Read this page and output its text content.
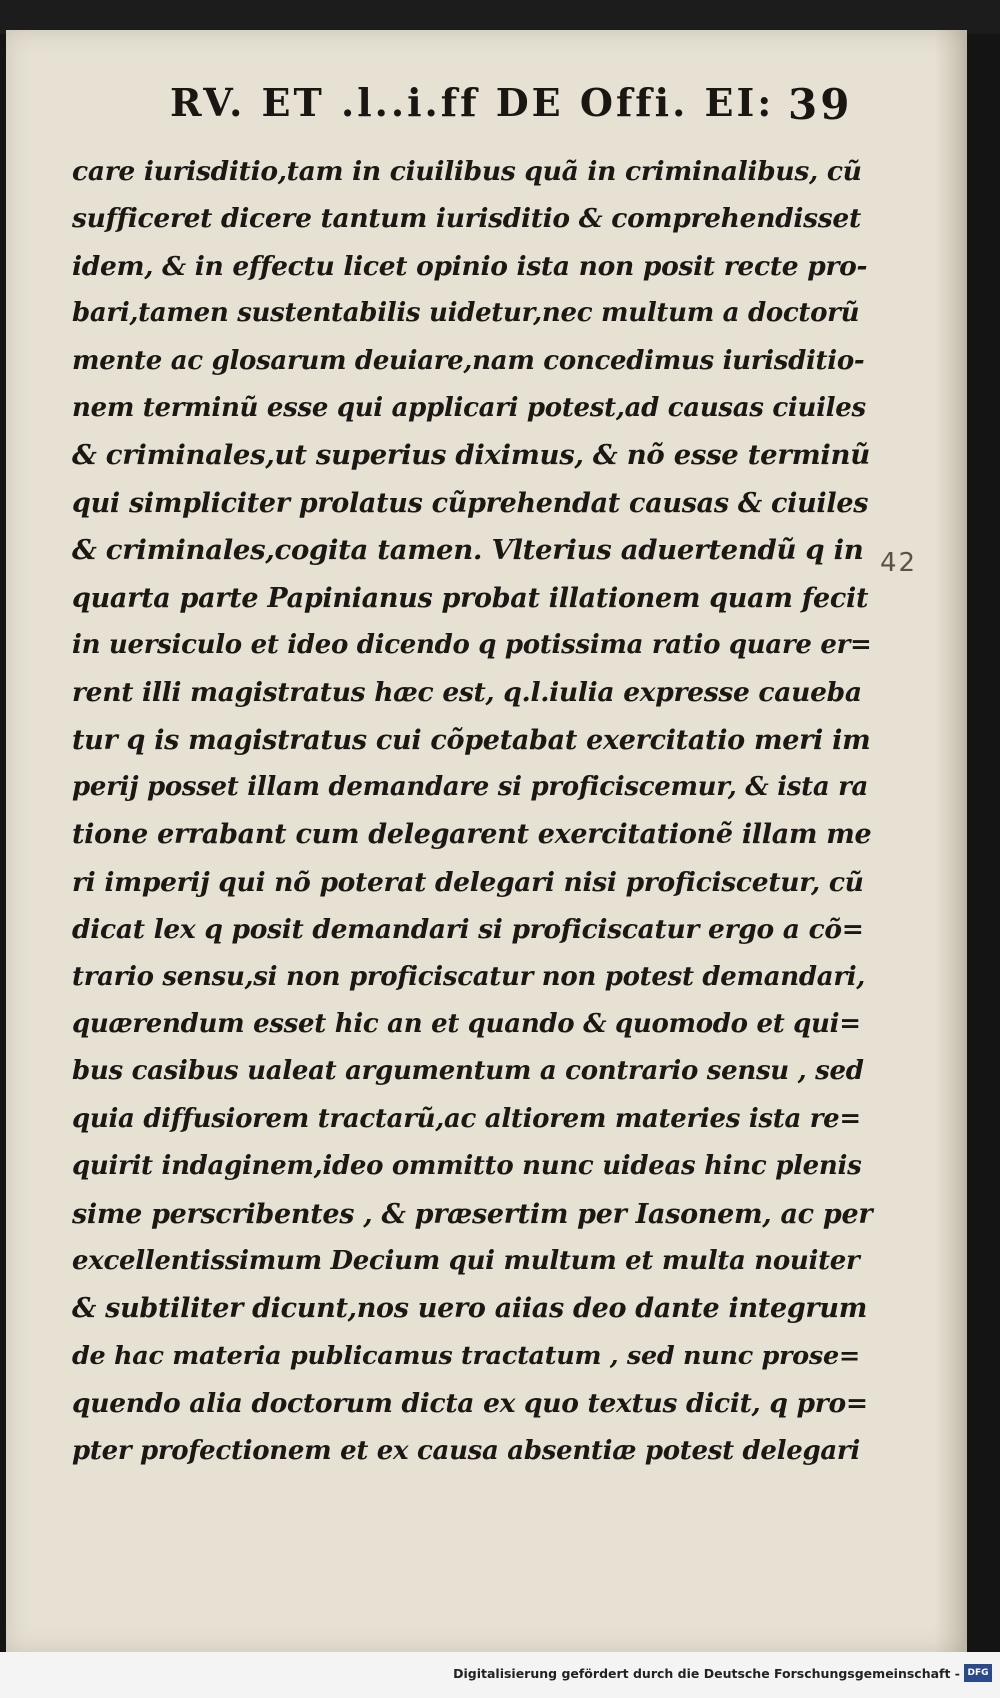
RV. ET .l..i.ff DE Offi. EI: 39
care iurisditio,tam in ciuilibus quã in criminalibus, cũ
sufficeret dicere tantum iurisditio & comprehendisset
idem, & in effectu licet opinio ista non posit recte pro-
bari,tamen sustentabilis uidetur,nec multum a doctorũ
mente ac glosarum deuiare,nam concedimus iurisditio-
nem terminũ esse qui applicari potest,ad causas ciuiles
& criminales,ut superius diximus, & nõ esse terminũ
qui simpliciter prolatus cũprehendat causas & ciuiles
& criminales,cogita tamen. Vlterius aduertendũ q in
quarta parte Papinianus probat illationem quam fecit
in uersiculo et ideo dicendo q potissima ratio quare er=
rent illi magistratus hæc est, q.l.iulia expresse caueba
tur q is magistratus cui cõpetabat exercitatio meri im
perij posset illam demandare si proficisceтur, & ista ra
tione errabant cum delegarent exercitationẽ illam me
ri imperij qui nõ poterat delegari nisi proficiscetur, cũ
dicat lex q posit demandari si proficiscatur ergo a cõ=
trario sensu,si non proficiscatur non potest demandari,
quærendum esset hic an et quando & quomodo et qui=
bus casibus ualeat argumentum a contrario sensu , sed
quia diffusiorem tractarũ,ac altiorem materies ista re=
quirit indaginem,ideo ommitto nunc uideas hinc plenis
sime perscribentes , & præsertim per Iasonem, ac per
excellentissimum Decium qui multum et multa nouiter
& subtiliter dicunt,nos uero aiias deo dante integrum
de hac materia publicamus tractatum , sed nunc prose=
quendo alia doctorum dicta ex quo textus dicit, q pro=
pter profectionem et ex causa absentiæ potest delegari
42
Digitalisierung gefördert durch die Deutsche Forschungsgemeinschaft - DFG
